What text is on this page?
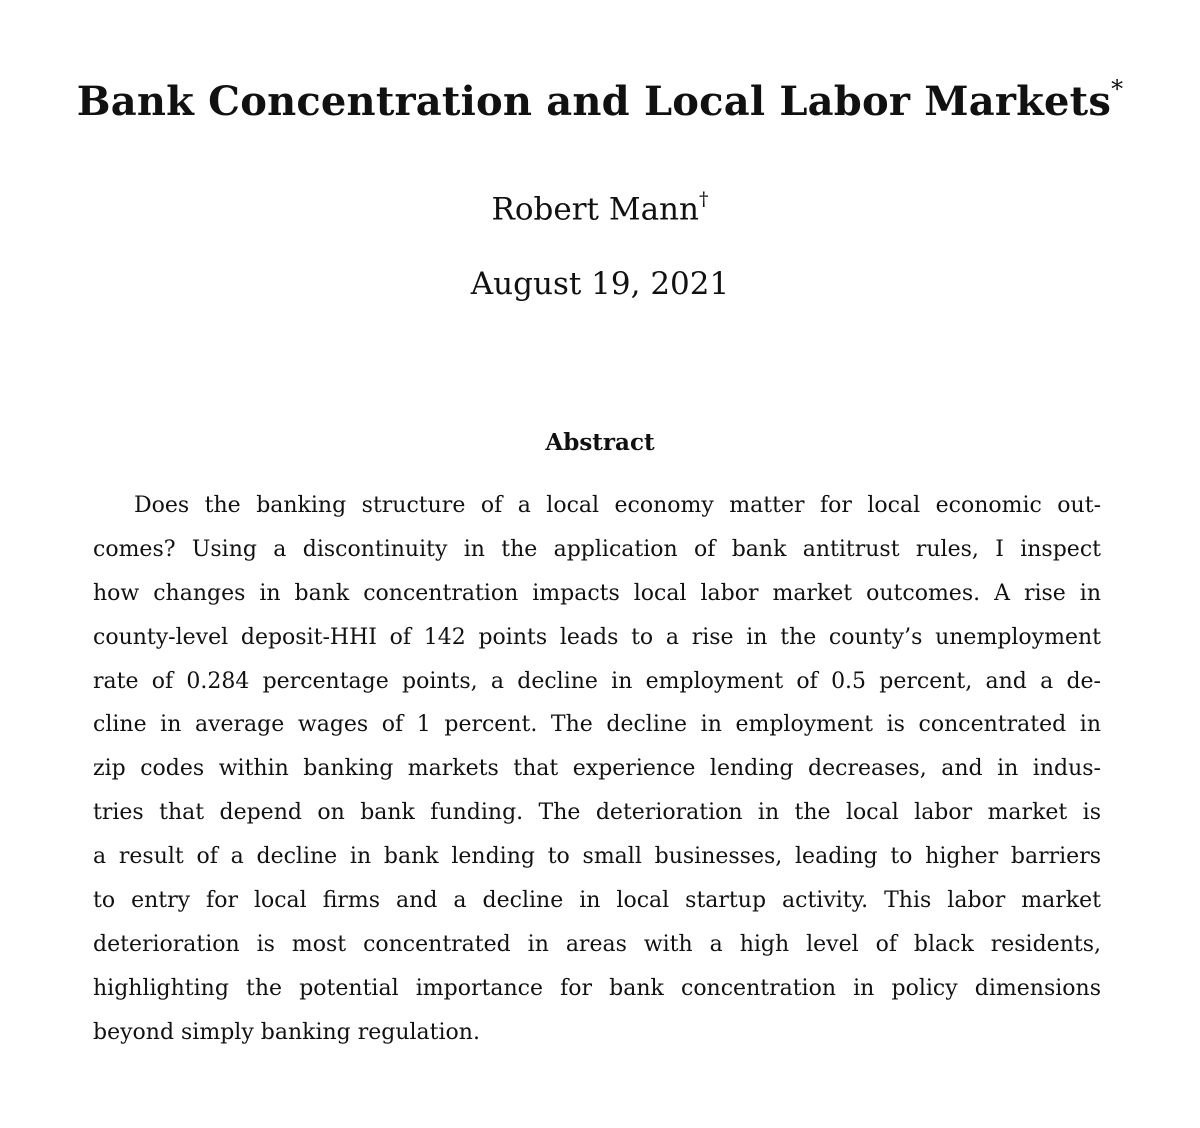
Bank Concentration and Local Labor Markets*
Robert Mann†
August 19, 2021
Abstract
Does the banking structure of a local economy matter for local economic out-
comes? Using a discontinuity in the application of bank antitrust rules, I inspect
how changes in bank concentration impacts local labor market outcomes. A rise in
county-level deposit-HHI of 142 points leads to a rise in the county’s unemployment
rate of 0.284 percentage points, a decline in employment of 0.5 percent, and a de-
cline in average wages of 1 percent. The decline in employment is concentrated in
zip codes within banking markets that experience lending decreases, and in indus-
tries that depend on bank funding. The deterioration in the local labor market is
a result of a decline in bank lending to small businesses, leading to higher barriers
to entry for local firms and a decline in local startup activity. This labor market
deterioration is most concentrated in areas with a high level of black residents,
highlighting the potential importance for bank concentration in policy dimensions
beyond simply banking regulation.
